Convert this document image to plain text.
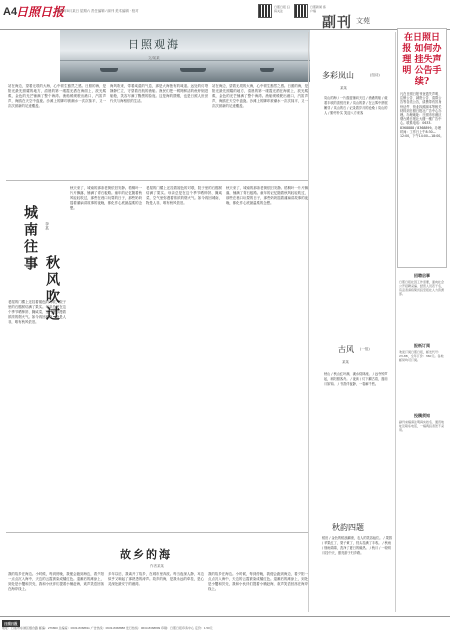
A4
日照日报
2024年8月某日 星期六 责任编辑 / 副刊 美术编辑 · 校对
日照日报 扫码关注
日照新闻 客户端
副刊 文苑
日照观海
文/某某
站在海边，望着无垠的大海，心中顿生豁然之感。日照的海，是阳光最先照耀的地方，清晨的第一缕霞光洒在海面上，波光粼粼，金色的光芒铺满了整个海湾。渔船缓缓驶出港口，汽笛声声，海鸥在天空中盘旋。沙滩上的脚印被潮水一次次抹平，又一次次被新的足迹覆盖。
海风吹来，带着咸湿的气息，那是大海独有的味道。远处的灯塔静静伫立，守望着归航的渔船。渔民们把一网网鲜活的鱼虾倒进船舱，笑容写满了黝黑的脸庞。这是海的馈赠，也是日照人世世代代与海相依的生活。
站在海边，望着无垠的大海，心中顿生豁然之感。日照的海，是阳光最先照耀的地方，清晨的第一缕霞光洒在海面上，波光粼粼，金色的光芒铺满了整个海湾。渔船缓缓驶出港口，汽笛声声，海鸥在天空中盘旋。沙滩上的脚印被潮水一次次抹平，又一次次被新的足迹覆盖。
城南往事
秋风吹过
李某
秋天来了，城南的那条老街依旧安静。梧桐叶一片片飘落，铺满了青石板路。童年的记忆随着秋风轻轻吹过，那些在巷口玩耍的日子，那些奶奶摇着蒲扇讲故事的夜晚，都化作心底最温柔的念想。
老屋的门楣上还挂着褪色的对联，院子里的石榴树结满了果实。母亲总是在这个季节晒柿饼、腌咸菜，空气里弥漫着浓浓的烟火气。如今再回城南，物是人非，唯有秋风依旧。
秋天来了，城南的那条老街依旧安静。梧桐叶一片片飘落，铺满了青石板路。童年的记忆随着秋风轻轻吹过，那些在巷口玩耍的日子，那些奶奶摇着蒲扇讲故事的夜晚，都化作心底最温柔的念想。
老屋的门楣上还挂着褪色的对联，院子里的石榴树结满了果实。母亲总是在这个季节晒柿饼、腌咸菜，空气里弥漫着浓浓的烟火气。如今再回城南，物是人非，唯有秋风依旧。
故乡的海
作者某某
我的故乡在海边。小时候，每到傍晚，我便会跑到海边，看夕阳一点点沉入海中，天边的云霞被染成橘红色。退潮后的滩涂上，到处是小蟹和贝壳，我和小伙伴们提着小桶赶海，欢声笑语回荡在海岸线上。
多年以后，我离开了故乡，在城市里奔波。每当夜深人静，耳边似乎又响起了那熟悉的涛声。故乡的海，是我永远的牵挂，是心灵深处最安宁的港湾。
我的故乡在海边。小时候，每到傍晚，我便会跑到海边，看夕阳一点点沉入海中，天边的云霞被染成橘红色。退潮后的滩涂上，到处是小蟹和贝壳，我和小伙伴们提着小桶赶海，欢声笑语回荡在海岸线上。
多彩岚山	(组诗)
某某
岚山的海 / 一片蔚蓝铺向天边 / 渔港的船 / 载着丰收的喜悦归来 / 岚山的茶 / 在云雾中舒展嫩芽 / 岚山的石 / 记录着岁月的沧桑 / 岚山的人 / 勤劳朴实 笑迎八方来客
古风 (一组)
某某
秋山 / 秋山红叶满，溪水绕林流。 / 远寺钟声起，斜阳照客舟。 / 夜读 / 灯下翻古卷，窗前月如钩。 / 书香伴夜静，一卷解千愁。
秋韵四题
稻田 / 金色的稻浪翻滚，农人的笑容灿烂。 / 果园 / 苹果红了，梨子黄了，枝头挂满了丰收。 / 秋雨 / 细雨绵绵，洗净了夏日的燥热。 / 秋月 / 一轮明月挂中天，照亮游子归乡路。
在日照日报 如何办理 挂失声明 公告手续?
凡在日照日报刊登遗失声明、注销公告、减资公告、清算公告等各类公告，请携带有效身份证件、营业执照副本等相关材料到日照日报社广告中心办理。办理地址：日照市东港区烟台路日报社大楼一楼广告中心。联系电话：0633-8368888 / 8368899。办理时间：工作日上午8:30—12:00，下午14:00—18:00。
招聘启事
日照日报社因工作需要，面向社会公开招聘采编、经营人员若干名，有意者请将简历投至报社人力资源部。
报纸订阅
欢迎订阅日照日报，邮发代号：23-88，全年订价：360元。各地邮局均可订阅。
投稿须知
副刊来稿请注明真实姓名、通讯地址及联系电话，一稿两投者恕不采用。
日照日报
地址：日照市东港区烟台路 邮编：276800 总编室：0633-8368811 广告热线：0633-8368888 发行热线：0633-8368899 印刷：日照日报印务中心 定价：1.50元
